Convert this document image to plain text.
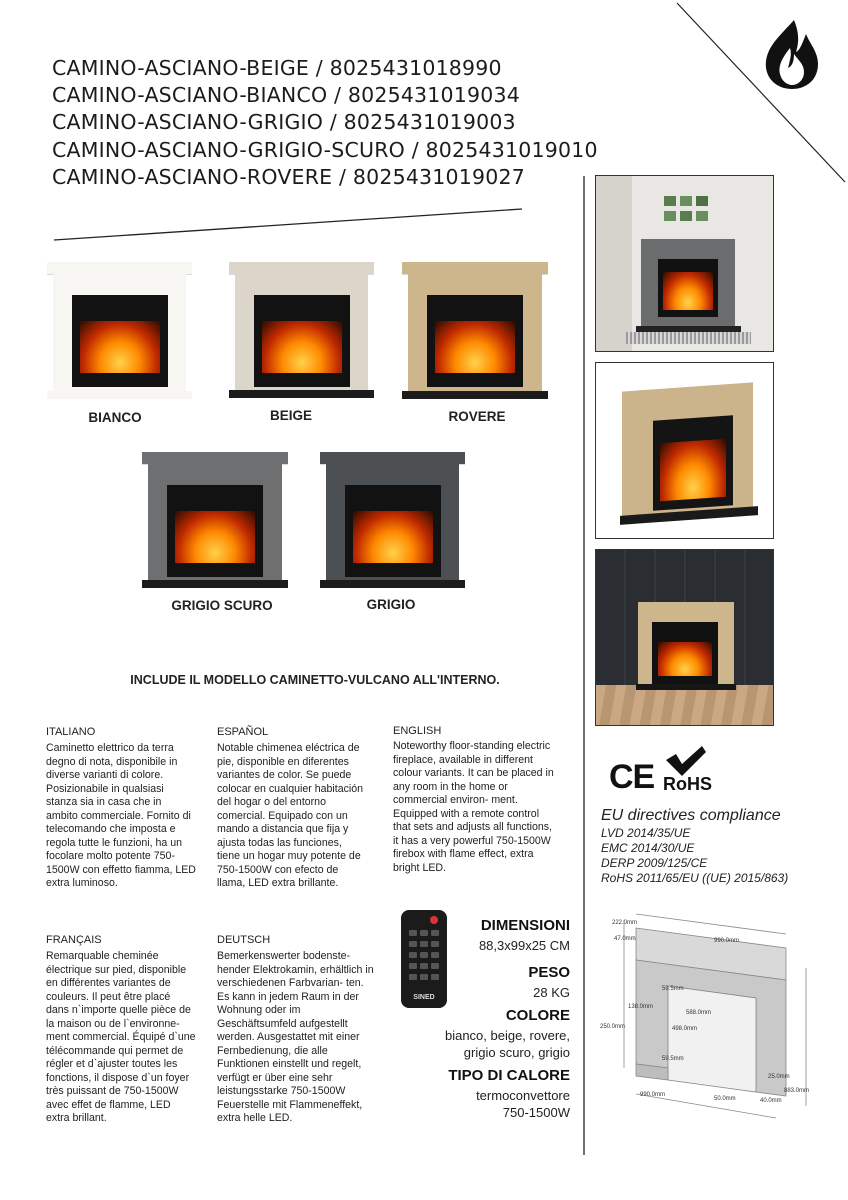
CAMINO-ASCIANO-BEIGE / 8025431018990
CAMINO-ASCIANO-BIANCO / 8025431019034
CAMINO-ASCIANO-GRIGIO / 8025431019003
CAMINO-ASCIANO-GRIGIO-SCURO / 8025431019010
CAMINO-ASCIANO-ROVERE / 8025431019027
BIANCO	BEIGE	ROVERE
GRIGIO SCURO	GRIGIO
INCLUDE IL MODELLO CAMINETTO-VULCANO ALL'INTERNO.
ITALIANO
Caminetto elettrico da terra degno di nota, disponibile in diverse varianti di colore. Posizionabile in qualsiasi stanza sia in casa che in ambito commerciale. Fornito di telecomando che imposta e regola tutte le funzioni, ha un focolare molto potente 750-1500W con effetto fiamma, LED extra luminoso.
ESPAÑOL
Notable chimenea eléctrica de pie, disponible en diferentes variantes de color. Se puede colocar en cualquier habitación del hogar o del entorno comercial. Equipado con un mando a distancia que fija y ajusta todas las funciones, tiene un hogar muy potente de 750-1500W con efecto de llama, LED extra brillante.
ENGLISH
Noteworthy floor-standing electric fireplace, available in different colour variants. It can be placed in any room in the home or commercial environ- ment. Equipped with a remote control that sets and adjusts all functions, it has a very powerful 750-1500W firebox with flame effect, extra bright LED.
FRANÇAIS
Remarquable cheminée électrique sur pied, disponible en différentes variantes de couleurs. Il peut être placé dans n`importe quelle pièce de la maison ou de l`environne- ment commercial. Équipé d`une télécommande qui permet de régler et d`ajuster toutes les fonctions, il dispose d`un foyer très puissant de 750-1500W avec effet de flamme, LED extra brillant.
DEUTSCH
Bemerkenswerter bodenste- hender Elektrokamin, erhältlich in verschiedenen Farbvarian- ten. Es kann in jedem Raum in der Wohnung oder im Geschäftsumfeld aufgestellt werden. Ausgestattet mit einer Fernbedienung, die alle Funktionen einstellt und regelt, verfügt er über eine sehr leistungsstarke 750-1500W Feuerstelle mit Flammeneffekt, extra helle LED.
SINED
DIMENSIONI
88,3x99x25 CM
PESO
28 KG
COLORE
bianco, beige, rovere,
grigio scuro, grigio
TIPO DI CALORE
termoconvettore
750-1500W
CE RoHS
EU directives compliance
LVD 2014/35/UE
EMC 2014/30/UE
DERP 2009/125/CE
RoHS 2011/65/EU ((UE) 2015/863)
222.0mm
47.0mm	990.0mm
59.5mm
138.0mm
588.0mm
498.0mm
250.0mm
59.5mm
25.0mm
883.0mm
990.0mm
50.0mm	40.0mm
